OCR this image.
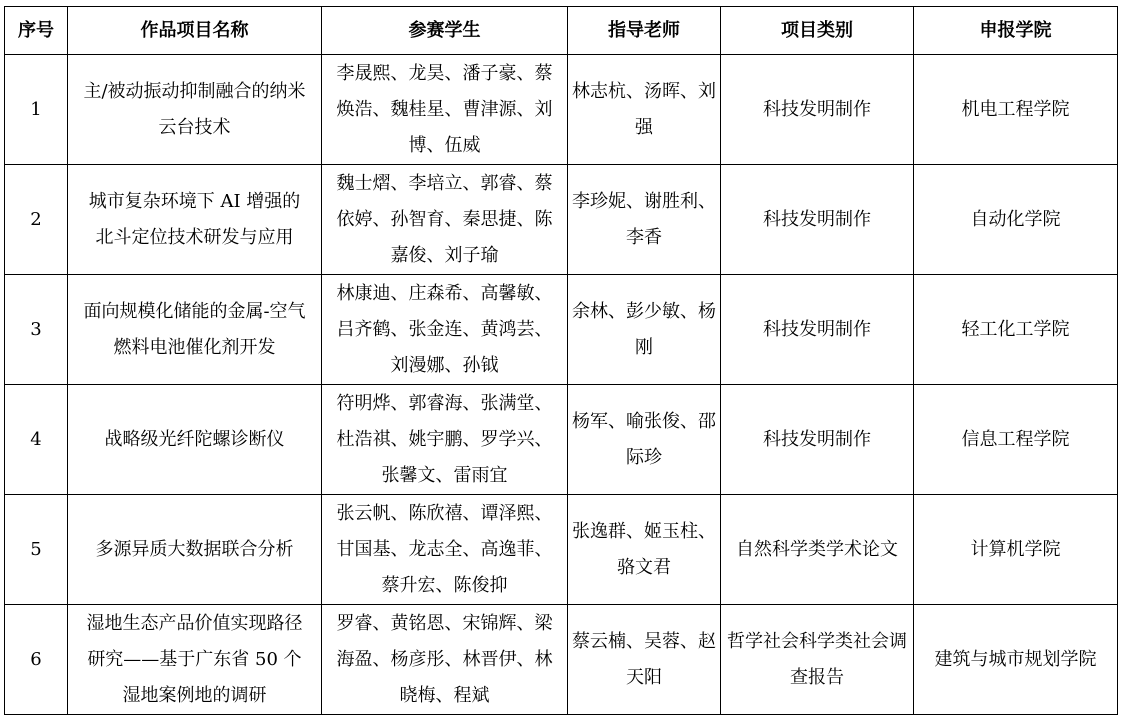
序号	作品项目名称	参赛学生	指导老师	项目类别	申报学院
1	主/被动振动抑制融合的纳米云台技术	李晟熙、龙昊、潘子豪、蔡焕浩、魏桂星、曹津源、刘博、伍威	林志杭、汤晖、刘强	科技发明制作	机电工程学院
2	城市复杂环境下 AI 增强的北斗定位技术研发与应用	魏士熠、李培立、郭睿、蔡依婷、孙智育、秦思捷、陈嘉俊、刘子瑜	李珍妮、谢胜利、李香	科技发明制作	自动化学院
3	面向规模化储能的金属-空气燃料电池催化剂开发	林康迪、庄森希、高馨敏、吕齐鹤、张金连、黄鸿芸、刘漫娜、孙钺	余林、彭少敏、杨刚	科技发明制作	轻工化工学院
4	战略级光纤陀螺诊断仪	符明烨、郭睿海、张满堂、杜浩祺、姚宇鹏、罗学兴、张馨文、雷雨宜	杨军、喻张俊、邵际珍	科技发明制作	信息工程学院
5	多源异质大数据联合分析	张云帆、陈欣禧、谭泽熙、甘国基、龙志全、高逸菲、蔡升宏、陈俊抑	张逸群、姬玉柱、骆文君	自然科学类学术论文	计算机学院
6	湿地生态产品价值实现路径研究——基于广东省 50 个湿地案例地的调研	罗睿、黄铭恩、宋锦辉、梁海盈、杨彦彤、林晋伊、林晓梅、程斌	蔡云楠、吴蓉、赵天阳	哲学社会科学类社会调查报告	建筑与城市规划学院
